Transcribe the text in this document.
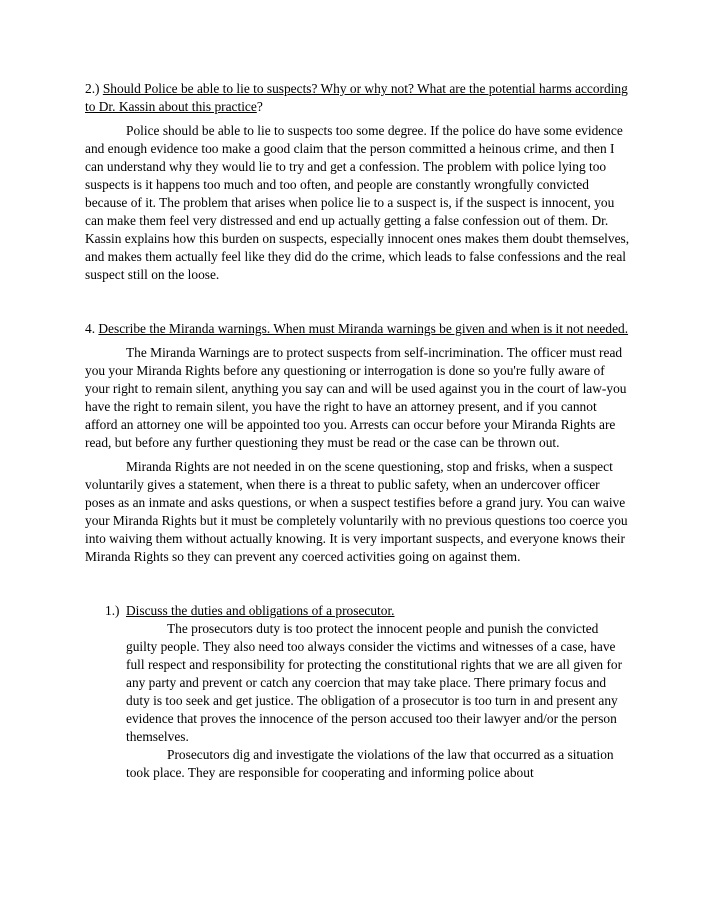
2.) Should Police be able to lie to suspects? Why or why not? What are the potential harms according to Dr. Kassin about this practice?

Police should be able to lie to suspects too some degree. If the police do have some evidence and enough evidence too make a good claim that the person committed a heinous crime, and then I can understand why they would lie to try and get a confession. The problem with police lying too suspects is it happens too much and too often, and people are constantly wrongfully convicted because of it. The problem that arises when police lie to a suspect is, if the suspect is innocent, you can make them feel very distressed and end up actually getting a false confession out of them. Dr. Kassin explains how this burden on suspects, especially innocent ones makes them doubt themselves, and makes them actually feel like they did do the crime, which leads to false confessions and the real suspect still on the loose.

4. Describe the Miranda warnings. When must Miranda warnings be given and when is it not needed.

The Miranda Warnings are to protect suspects from self-incrimination. The officer must read you your Miranda Rights before any questioning or interrogation is done so you're fully aware of your right to remain silent, anything you say can and will be used against you in the court of law-you have the right to remain silent, you have the right to have an attorney present, and if you cannot afford an attorney one will be appointed too you. Arrests can occur before your Miranda Rights are read, but before any further questioning they must be read or the case can be thrown out.

Miranda Rights are not needed in on the scene questioning, stop and frisks, when a suspect voluntarily gives a statement, when there is a threat to public safety, when an undercover officer poses as an inmate and asks questions, or when a suspect testifies before a grand jury. You can waive your Miranda Rights but it must be completely voluntarily with no previous questions too coerce you into waiving them without actually knowing. It is very important suspects, and everyone knows their Miranda Rights so they can prevent any coerced activities going on against them.

1.) Discuss the duties and obligations of a prosecutor.

The prosecutors duty is too protect the innocent people and punish the convicted guilty people. They also need too always consider the victims and witnesses of a case, have full respect and responsibility for protecting the constitutional rights that we are all given for any party and prevent or catch any coercion that may take place. There primary focus and duty is too seek and get justice. The obligation of a prosecutor is too turn in and present any evidence that proves the innocence of the person accused too their lawyer and/or the person themselves.

Prosecutors dig and investigate the violations of the law that occurred as a situation took place. They are responsible for cooperating and informing police about
